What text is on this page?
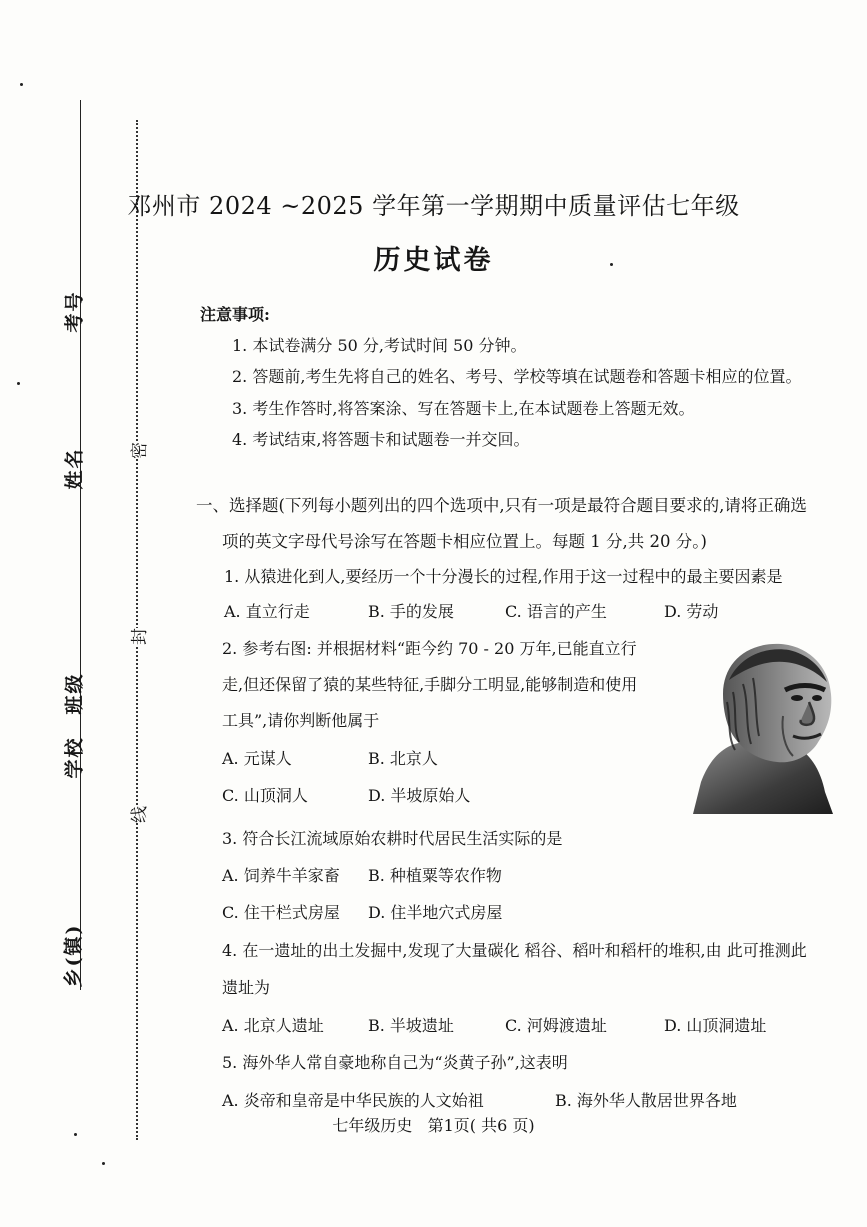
考号
姓名
班级
学校
乡(镇)
密
封
线
邓州市 2024 ~2025 学年第一学期期中质量评估七年级
历史试卷
注意事项:
1. 本试卷满分 50 分,考试时间 50 分钟。
2. 答题前,考生先将自己的姓名、考号、学校等填在试题卷和答题卡相应的位置。
3. 考生作答时,将答案涂、写在答题卡上,在本试题卷上答题无效。
4. 考试结束,将答题卡和试题卷一并交回。
一、选择题(下列每小题列出的四个选项中,只有一项是最符合题目要求的,请将正确选
项的英文字母代号涂写在答题卡相应位置上。每题 1 分,共 20 分。)
1. 从猿进化到人,要经历一个十分漫长的过程,作用于这一过程中的最主要因素是
A. 直立行走	B. 手的发展	C. 语言的产生	D. 劳动
2. 参考右图: 并根据材料“距今约 70 - 20 万年,已能直立行
走,但还保留了猿的某些特征,手脚分工明显,能够制造和使用
工具”,请你判断他属于
A. 元谋人	B. 北京人
C. 山顶洞人	D. 半坡原始人
3. 符合长江流域原始农耕时代居民生活实际的是
A. 饲养牛羊家畜 B. 种植粟等农作物
C. 住干栏式房屋 D. 住半地穴式房屋
4. 在一遗址的出土发掘中,发现了大量碳化 稻谷、稻叶和稻杆的堆积,由 此可推测此
遗址为
A. 北京人遗址	B. 半坡遗址	C. 河姆渡遗址	D. 山顶洞遗址
5. 海外华人常自豪地称自己为“炎黄子孙”,这表明
A. 炎帝和皇帝是中华民族的人文始祖	B. 海外华人散居世界各地
七年级历史   第1页( 共6 页)
